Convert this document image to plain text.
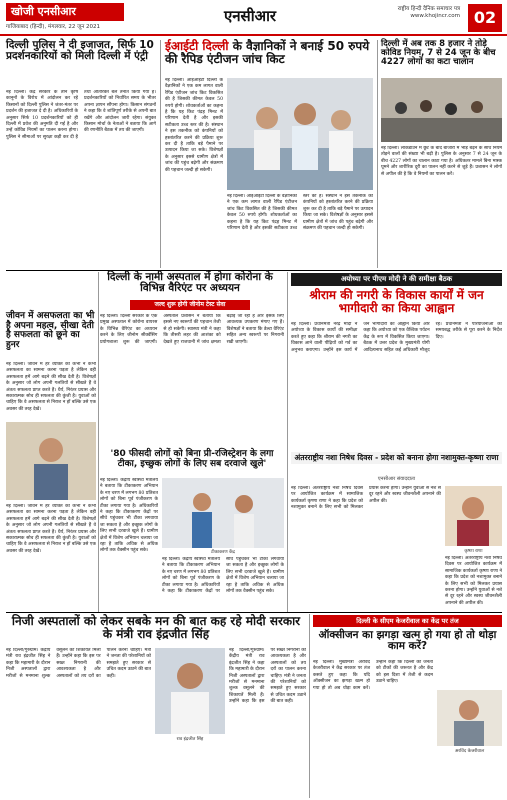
खोजी एनसीआर
गाजियाबाद (हिन्दी), मंगलवार, 22 जून 2021
एनसीआर	राष्ट्रीय हिन्दी दैनिक समाचार पत्र
www.khojincr.com 02
दिल्ली पुलिस ने दी इजाजत, सिर्फ 10 प्रदर्शनकारियों को मिली दिल्ली में एंट्री
नई दिल्ली। केंद्र सरकार के तीन कृषि कानूनों के विरोध में आंदोलन कर रहे किसानों को दिल्ली पुलिस ने जंतर-मंतर पर प्रदर्शन की इजाजत दे दी है। अधिकारियों के अनुसार सिर्फ 10 प्रदर्शनकारियों को ही दिल्ली में प्रवेश की अनुमति दी गई है और उन्हें कोविड नियमों का पालन करना होगा। पुलिस ने सीमाओं पर सुरक्षा कड़ी कर दी है तथा अतिरिक्त बल तैनात किया गया है। प्रदर्शनकारियों को निर्धारित समय के भीतर अपना ज्ञापन सौंपना होगा। किसान संगठनों ने कहा कि वे शांतिपूर्ण तरीके से अपनी बात रखेंगे और आंदोलन जारी रहेगा। संयुक्त किसान मोर्चा के नेताओं ने बताया कि आगे की रणनीति बैठक में तय की जाएगी।
ईआईटी दिल्ली के वैज्ञानिकों ने बनाई 50 रुपये की रैपिड एंटीजन जांच किट
नई दिल्ली। आईआईटी दिल्ली के वैज्ञानिकों ने एक कम लागत वाली रैपिड एंटीजन जांच किट विकसित की है जिसकी कीमत केवल 50 रुपये होगी। शोधकर्ताओं का कहना है कि यह किट पंद्रह मिनट में परिणाम देती है और इसकी सटीकता उच्च स्तर की है। संस्थान ने इस तकनीक को कंपनियों को हस्तांतरित करने की प्रक्रिया शुरू कर दी है ताकि बड़े पैमाने पर उत्पादन किया जा सके। विशेषज्ञों के अनुसार इससे ग्रामीण क्षेत्रों में जांच की पहुंच बढ़ेगी और संक्रमण की पहचान जल्दी हो सकेगी।
नई दिल्ली। आईआईटी दिल्ली के वैज्ञानिकों ने एक कम लागत वाली रैपिड एंटीजन जांच किट विकसित की है जिसकी कीमत केवल 50 रुपये होगी। शोधकर्ताओं का कहना है कि यह किट पंद्रह मिनट में परिणाम देती है और इसकी सटीकता उच्च स्तर की है। संस्थान ने इस तकनीक को कंपनियों को हस्तांतरित करने की प्रक्रिया शुरू कर दी है ताकि बड़े पैमाने पर उत्पादन किया जा सके। विशेषज्ञों के अनुसार इससे ग्रामीण क्षेत्रों में जांच की पहुंच बढ़ेगी और संक्रमण की पहचान जल्दी हो सकेगी।
दिल्ली में अब तक 8 हजार ने तोड़े कोविड नियम, 7 से 24 जून के बीच 4227 लोगों का कटा चालान
नई दिल्ली। लॉकडाउन में छूट के बाद बाजारों में भीड़ बढ़ने के साथ नियम तोड़ने वालों की संख्या भी बढ़ी है। पुलिस के अनुसार 7 से 24 जून के बीच 4227 लोगों का चालान काटा गया है। अधिकतर मामले बिना मास्क घूमने और शारीरिक दूरी का पालन नहीं करने से जुड़े हैं। प्रशासन ने लोगों से अपील की है कि वे नियमों का पालन करें।
दिल्ली के नामी अस्पताल में होगा कोरोना के विभिन्न वैरिएंट पर अध्ययन
जल्द शुरू होगी जीनोम टेस्ट सेवा
नई दिल्ली। दिल्ली सरकार के एक प्रमुख अस्पताल में कोरोना वायरस के विभिन्न वैरिएंट का अध्ययन करने के लिए जीनोम सीक्वेंसिंग प्रयोगशाला शुरू की जाएगी। अस्पताल प्रशासन ने बताया कि इससे नए स्वरूपों की पहचान तेजी से हो सकेगी। स्वास्थ्य मंत्री ने कहा कि तीसरी लहर की आशंका को देखते हुए राजधानी में जांच क्षमता बढ़ाई जा रही है और इसके लिए आवश्यक उपकरण मंगाए गए हैं। विशेषज्ञों ने बताया कि डेल्टा वैरिएंट सहित अन्य स्वरूपों पर निगरानी रखी जाएगी।
जीवन में असफलता का भी है अपना महत्व, सीखा देती है सफलता को छूने का हुनर
नई दिल्ली। जीवन में हर व्यक्ति को कभी न कभी असफलता का सामना करना पड़ता है लेकिन वही असफलता हमें आगे बढ़ने की सीख देती है। विशेषज्ञों के अनुसार जो लोग अपनी गलतियों से सीखते हैं वे अंततः सफलता प्राप्त करते हैं। धैर्य, निरंतर प्रयास और सकारात्मक सोच ही सफलता की कुंजी है। युवाओं को चाहिए कि वे असफलता से निराश न हों बल्कि उसे एक अवसर की तरह देखें।
नई दिल्ली। जीवन में हर व्यक्ति को कभी न कभी असफलता का सामना करना पड़ता है लेकिन वही असफलता हमें आगे बढ़ने की सीख देती है। विशेषज्ञों के अनुसार जो लोग अपनी गलतियों से सीखते हैं वे अंततः सफलता प्राप्त करते हैं। धैर्य, निरंतर प्रयास और सकारात्मक सोच ही सफलता की कुंजी है। युवाओं को चाहिए कि वे असफलता से निराश न हों बल्कि उसे एक अवसर की तरह देखें।
अयोध्या पर पीएम मोदी ने की समीक्षा बैठक
श्रीराम की नगरी के विकास कार्यों में जन भागीदारी का किया आह्वान
नई दिल्ली। प्रधानमंत्री नरेंद्र मोदी ने अयोध्या के विकास कार्यों की समीक्षा करते हुए कहा कि श्रीराम की नगरी का विकास आने वाली पीढ़ियों को गर्व का अनुभव कराएगा। उन्होंने इस कार्य में जन भागीदारी का आह्वान किया और कहा कि अयोध्या को एक वैश्विक पर्यटन केंद्र के रूप में विकसित किया जाएगा। बैठक में उत्तर प्रदेश के मुख्यमंत्री योगी आदित्यनाथ सहित कई अधिकारी मौजूद रहे। प्रधानमंत्री ने परियोजनाओं को समयबद्ध तरीके से पूरा करने के निर्देश दिए।
'80 फीसदी लोगों को बिना प्री-रजिस्ट्रेशन के लगा टीका, इच्छुक लोगों के लिए सब दरवाजे खुले'
नई दिल्ली। केंद्रीय स्वास्थ्य मंत्रालय ने बताया कि टीकाकरण अभियान के नए चरण में लगभग 80 प्रतिशत लोगों को बिना पूर्व पंजीकरण के टीका लगाया गया है। अधिकारियों ने कहा कि टीकाकरण केंद्रों पर सीधे पहुंचकर भी टीका लगवाया जा सकता है और इच्छुक लोगों के लिए सभी दरवाजे खुले हैं। ग्रामीण क्षेत्रों में विशेष अभियान चलाया जा रहा है ताकि अधिक से अधिक लोगों तक वैक्सीन पहुंच सके।	टीकाकरण केंद्र
नई दिल्ली। केंद्रीय स्वास्थ्य मंत्रालय ने बताया कि टीकाकरण अभियान के नए चरण में लगभग 80 प्रतिशत लोगों को बिना पूर्व पंजीकरण के टीका लगाया गया है। अधिकारियों ने कहा कि टीकाकरण केंद्रों पर सीधे पहुंचकर भी टीका लगवाया जा सकता है और इच्छुक लोगों के लिए सभी दरवाजे खुले हैं। ग्रामीण क्षेत्रों में विशेष अभियान चलाया जा रहा है ताकि अधिक से अधिक लोगों तक वैक्सीन पहुंच सके।
अंतरराष्ट्रीय नशा निषेध दिवस - प्रदेश को बनाना होगा नशामुक्त-कृष्णा राणा
एनसीआर संवाददाता
नई दिल्ली। अंतरराष्ट्रीय नशा निषेध दिवस पर आयोजित कार्यक्रम में सामाजिक कार्यकर्ता कृष्णा राणा ने कहा कि प्रदेश को नशामुक्त बनाने के लिए सभी को मिलकर प्रयास करना होगा। उन्होंने युवाओं से नशे से दूर रहने और स्वस्थ जीवनशैली अपनाने की अपील की।
कृष्णा राणा
नई दिल्ली। अंतरराष्ट्रीय नशा निषेध दिवस पर आयोजित कार्यक्रम में सामाजिक कार्यकर्ता कृष्णा राणा ने कहा कि प्रदेश को नशामुक्त बनाने के लिए सभी को मिलकर प्रयास करना होगा। उन्होंने युवाओं से नशे से दूर रहने और स्वस्थ जीवनशैली अपनाने की अपील की।
निजी अस्पतालों को लेकर सबके मन की बात कह रहे मोदी सरकार के मंत्री राव इंद्रजीत सिंह
नई दिल्ली/गुरुग्राम। केंद्रीय मंत्री राव इंद्रजीत सिंह ने कहा कि महामारी के दौरान निजी अस्पतालों द्वारा मरीजों से मनमाना शुल्क वसूलने की शिकायतें मिली हैं। उन्होंने कहा कि इस पर सख्त निगरानी की आवश्यकता है और अस्पतालों को तय दरों का पालन करना चाहिए। मंत्री ने जनता की परेशानियों को समझते हुए सरकार से उचित कदम उठाने की बात कही।
राव इंद्रजीत सिंह
नई दिल्ली/गुरुग्राम। केंद्रीय मंत्री राव इंद्रजीत सिंह ने कहा कि महामारी के दौरान निजी अस्पतालों द्वारा मरीजों से मनमाना शुल्क वसूलने की शिकायतें मिली हैं। उन्होंने कहा कि इस पर सख्त निगरानी की आवश्यकता है और अस्पतालों को तय दरों का पालन करना चाहिए। मंत्री ने जनता की परेशानियों को समझते हुए सरकार से उचित कदम उठाने की बात कही।
दिल्ली के सीएम केजरीवाल का केंद्र पर तंज
ऑक्सीजन का झगड़ा खत्म हो गया हो तो थोड़ा काम करें?
नई दिल्ली। मुख्यमंत्री अरविंद केजरीवाल ने केंद्र सरकार पर तंज कसते हुए कहा कि यदि ऑक्सीजन का झगड़ा खत्म हो गया हो तो अब थोड़ा काम करें। उन्होंने कहा कि दिल्ली की जनता को टीकों की जरूरत है और केंद्र को इस दिशा में तेजी से कदम उठाने चाहिए।
अरविंद केजरीवाल
